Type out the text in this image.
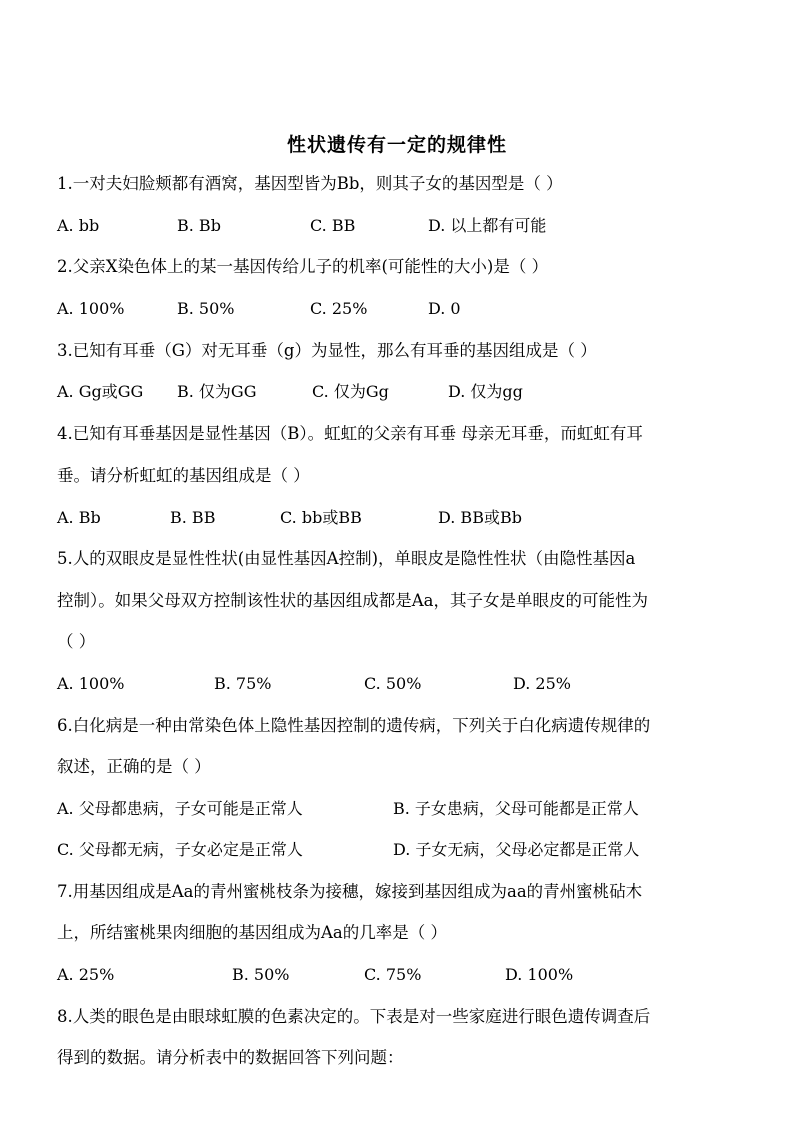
性状遗传有一定的规律性
1.一对夫妇脸颊都有酒窝，基因型皆为Bb，则其子女的基因型是（ ）
A. bb	B. Bb	C. BB	D. 以上都有可能
2.父亲X染色体上的某一基因传给儿子的机率(可能性的大小)是（ ）
A. 100%	B. 50%	C. 25%	D. 0
3.已知有耳垂（G）对无耳垂（g）为显性，那么有耳垂的基因组成是（ ）
A. Gg或GG B. 仅为GG	C. 仅为Gg	D. 仅为gg
4.已知有耳垂基因是显性基因（B）。虹虹的父亲有耳垂 母亲无耳垂，而虹虹有耳
垂。请分析虹虹的基因组成是（ ）
A. Bb	B. BB	C. bb或BB	D. BB或Bb
5.人的双眼皮是显性性状(由显性基因A控制)，单眼皮是隐性性状（由隐性基因a
控制）。如果父母双方控制该性状的基因组成都是Aa，其子女是单眼皮的可能性为
（ ）
A. 100%	B. 75%	C. 50%	D. 25%
6.白化病是一种由常染色体上隐性基因控制的遗传病，下列关于白化病遗传规律的
叙述，正确的是（ ）
A. 父母都患病，子女可能是正常人	B. 子女患病，父母可能都是正常人
C. 父母都无病，子女必定是正常人	D. 子女无病，父母必定都是正常人
7.用基因组成是Aa的青州蜜桃枝条为接穗，嫁接到基因组成为aa的青州蜜桃砧木
上，所结蜜桃果肉细胞的基因组成为Aa的几率是（ ）
A. 25%	B. 50%	C. 75%	D. 100%
8.人类的眼色是由眼球虹膜的色素决定的。下表是对一些家庭进行眼色遗传调查后
得到的数据。请分析表中的数据回答下列问题：
